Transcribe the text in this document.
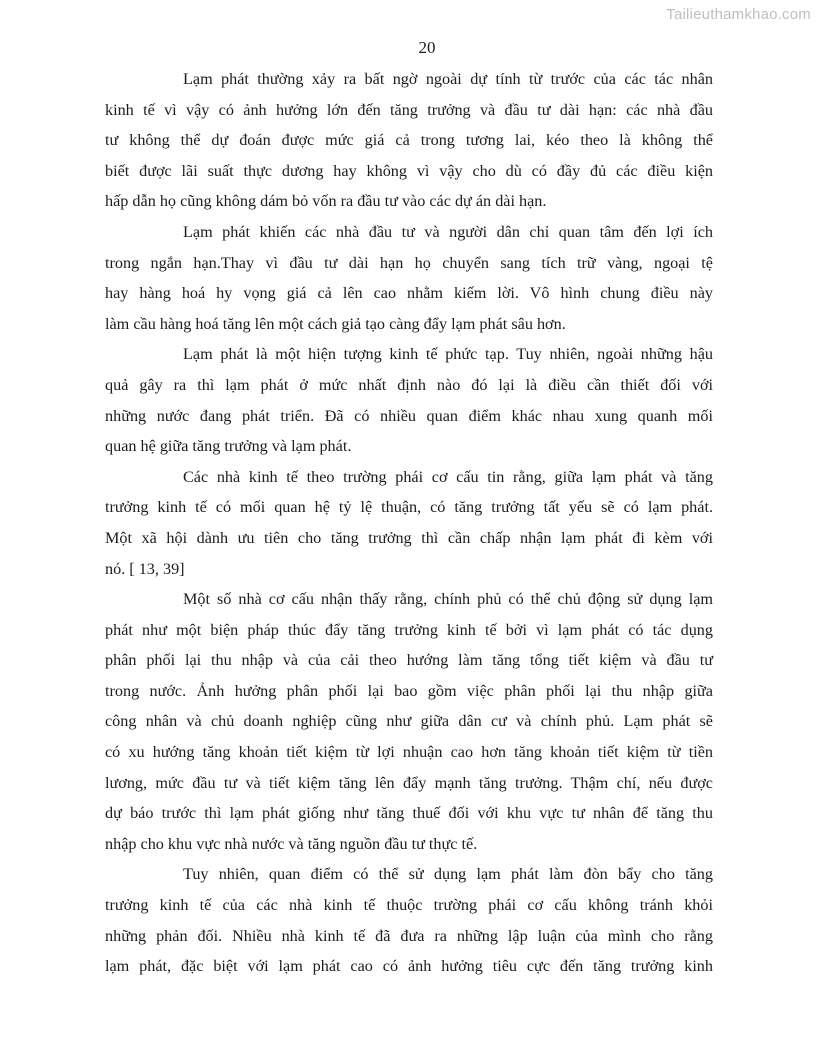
Tailieuthamkhao.com
20
Lạm phát thường xảy ra bất ngờ ngoài dự tính từ trước của các tác nhân
kinh tế vì vậy có ảnh hưởng lớn đến tăng trưởng và đầu tư dài hạn: các nhà đầu
tư không thể dự đoán được mức giá cả trong tương lai, kéo theo là không thể
biết được lãi suất thực dương hay không vì vậy cho dù có đầy đủ các điều kiện
hấp dẫn họ cũng không dám bỏ vốn ra đầu tư vào các dự án dài hạn.
Lạm phát khiến các nhà đầu tư và người dân chỉ quan tâm đến lợi ích
trong ngắn hạn.Thay vì đầu tư dài hạn họ chuyển sang tích trữ vàng, ngoại tệ
hay hàng hoá hy vọng giá cả lên cao nhằm kiếm lời. Vô hình chung điều này
làm cầu hàng hoá tăng lên một cách giả tạo càng đẩy lạm phát sâu hơn.
Lạm phát là một hiện tượng kinh tế phức tạp. Tuy nhiên, ngoài những hậu
quả gây ra thì lạm phát ở mức nhất định nào đó lại là điều cần thiết đối với
những nước đang phát triển. Đã có nhiều quan điểm khác nhau xung quanh mối
quan hệ giữa tăng trưởng và lạm phát.
Các nhà kinh tế theo trường phái cơ cấu tin rằng, giữa lạm phát và tăng
trưởng kinh tế có mối quan hệ tỷ lệ thuận, có tăng trưởng tất yếu sẽ có lạm phát.
Một xã hội dành ưu tiên cho tăng trưởng thì cần chấp nhận lạm phát đi kèm với
nó. [ 13, 39]
Một số nhà cơ cấu nhận thấy rằng, chính phủ có thể chủ động sử dụng lạm
phát như một biện pháp thúc đẩy tăng trưởng kinh tế bởi vì lạm phát có tác dụng
phân phối lại thu nhập và của cải theo hướng làm tăng tổng tiết kiệm và đầu tư
trong nước. Ảnh hưởng phân phối lại bao gồm việc phân phối lại thu nhập giữa
công nhân và chủ doanh nghiệp cũng như giữa dân cư và chính phủ. Lạm phát sẽ
có xu hướng tăng khoản tiết kiệm từ lợi nhuận cao hơn tăng khoản tiết kiệm từ tiền
lương, mức đầu tư và tiết kiệm tăng lên đẩy mạnh tăng trưởng. Thậm chí, nếu được
dự báo trước thì lạm phát giống như tăng thuế đối với khu vực tư nhân để tăng thu
nhập cho khu vực nhà nước và tăng nguồn đầu tư thực tế.
Tuy nhiên, quan điểm có thể sử dụng lạm phát làm đòn bẩy cho tăng
trưởng kinh tế của các nhà kinh tế thuộc trường phái cơ cấu không tránh khỏi
những phản đối. Nhiều nhà kinh tế đã đưa ra những lập luận của mình cho rằng
lạm phát, đặc biệt với lạm phát cao có ảnh hưởng tiêu cực đến tăng trưởng kinh
